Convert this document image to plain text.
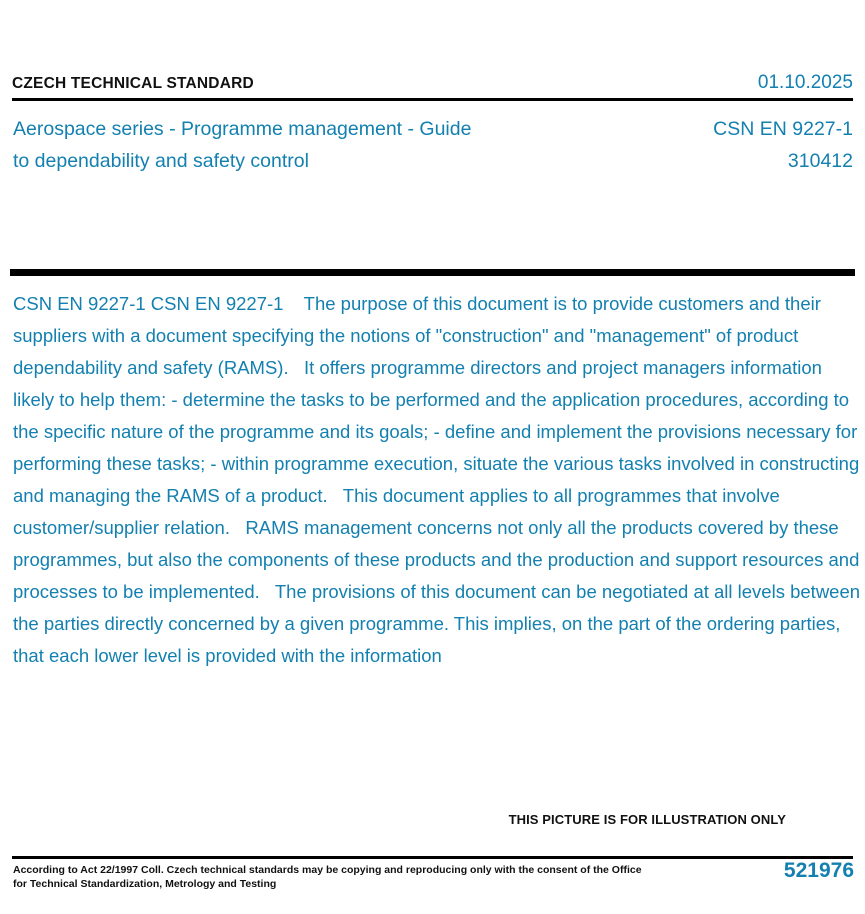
CZECH TECHNICAL STANDARD	01.10.2025
Aerospace series - Programme management - Guide to dependability and safety control
CSN EN 9227-1
310412
CSN EN 9227-1 CSN EN 9227-1    The purpose of this document is to provide customers and their suppliers with a document specifying the notions of "construction" and "management" of product dependability and safety (RAMS).   It offers programme directors and project managers information likely to help them: - determine the tasks to be performed and the application procedures, according to the specific nature of the programme and its goals; - define and implement the provisions necessary for performing these tasks; - within programme execution, situate the various tasks involved in constructing and managing the RAMS of a product.   This document applies to all programmes that involve customer/supplier relation.   RAMS management concerns not only all the products covered by these programmes, but also the components of these products and the production and support resources and processes to be implemented.   The provisions of this document can be negotiated at all levels between the parties directly concerned by a given programme. This implies, on the part of the ordering parties, that each lower level is provided with the information
THIS PICTURE IS FOR ILLUSTRATION ONLY
According to Act 22/1997 Coll. Czech technical standards may be copying and reproducing only with the consent of the Office for Technical Standardization, Metrology and Testing
521976
